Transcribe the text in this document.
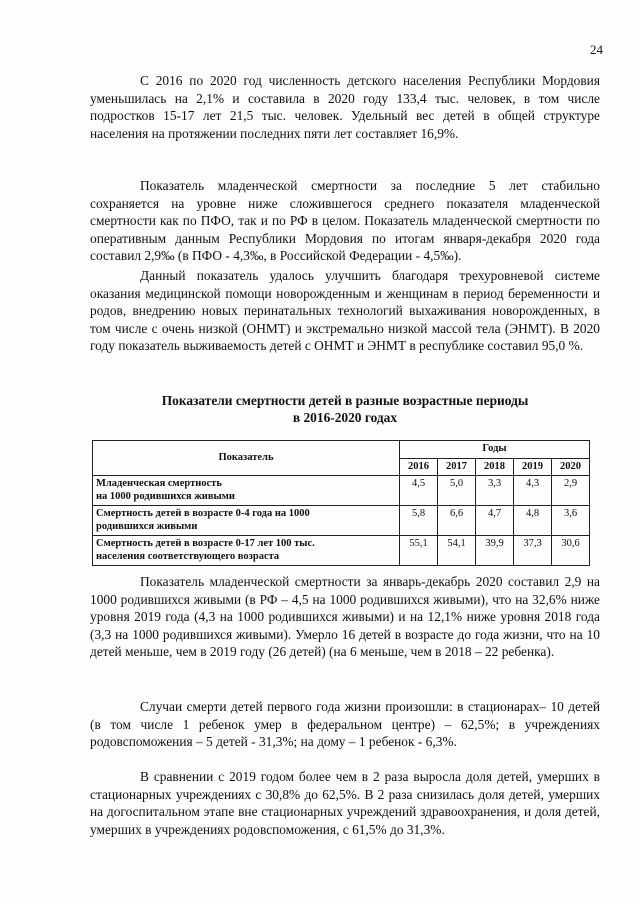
24

С 2016 по 2020 год численность детского населения Республики Мордовия уменьшилась на 2,1% и составила в 2020 году 133,4 тыс. человек, в том числе подростков 15-17 лет 21,5 тыс. человек. Удельный вес детей в общей структуре населения на протяжении последних пяти лет составляет 16,9%.

Показатель младенческой смертности за последние 5 лет стабильно сохраняется на уровне ниже сложившегося среднего показателя младенческой смертности как по ПФО, так и по РФ в целом. Показатель младенческой смертности по оперативным данным Республики Мордовия по итогам января-декабря 2020 года составил 2,9‰ (в ПФО - 4,3‰, в Российской Федерации - 4,5‰).

Данный показатель удалось улучшить благодаря трехуровневой системе оказания медицинской помощи новорожденным и женщинам в период беременности и родов, внедрению новых перинатальных технологий выхаживания новорожденных, в том числе с очень низкой (ОНМТ) и экстремально низкой массой тела (ЭНМТ). В 2020 году показатель выживаемость детей с ОНМТ и ЭНМТ в республике составил 95,0 %.

Показатели смертности детей в разные возрастные периоды
в 2016-2020 годах
Показатель	Годы				
	2016	2017	2018	2019	2020
Младенческая смертность
на 1000 родившихся живыми	4,5	5,0	3,3	4,3	2,9
Смертность детей в возрасте 0-4 года на 1000
родившихся живыми	5,8	6,6	4,7	4,8	3,6
Смертность детей в возрасте 0-17 лет 100 тыс.
населения соответствующего возраста	55,1	54,1	39,9	37,3	30,6

Показатель младенческой смертности за январь-декабрь 2020 составил 2,9 на 1000 родившихся живыми (в РФ – 4,5 на 1000 родившихся живыми), что на 32,6% ниже уровня 2019 года (4,3 на 1000 родившихся живыми) и на 12,1% ниже уровня 2018 года (3,3 на 1000 родившихся живыми). Умерло 16 детей в возрасте до года жизни, что на 10 детей меньше, чем в 2019 году (26 детей) (на 6 меньше, чем в 2018 – 22 ребенка).

Случаи смерти детей первого года жизни произошли: в стационарах– 10 детей (в том числе 1 ребенок умер в федеральном центре) – 62,5%; в учреждениях родовспоможения – 5 детей - 31,3%; на дому – 1 ребенок - 6,3%.

В сравнении с 2019 годом более чем в 2 раза выросла доля детей, умерших в стационарных учреждениях с 30,8% до 62,5%. В 2 раза снизилась доля детей, умерших на догоспитальном этапе вне стационарных учреждений здравоохранения, и доля детей, умерших в учреждениях родовспоможения, с 61,5% до 31,3%.
